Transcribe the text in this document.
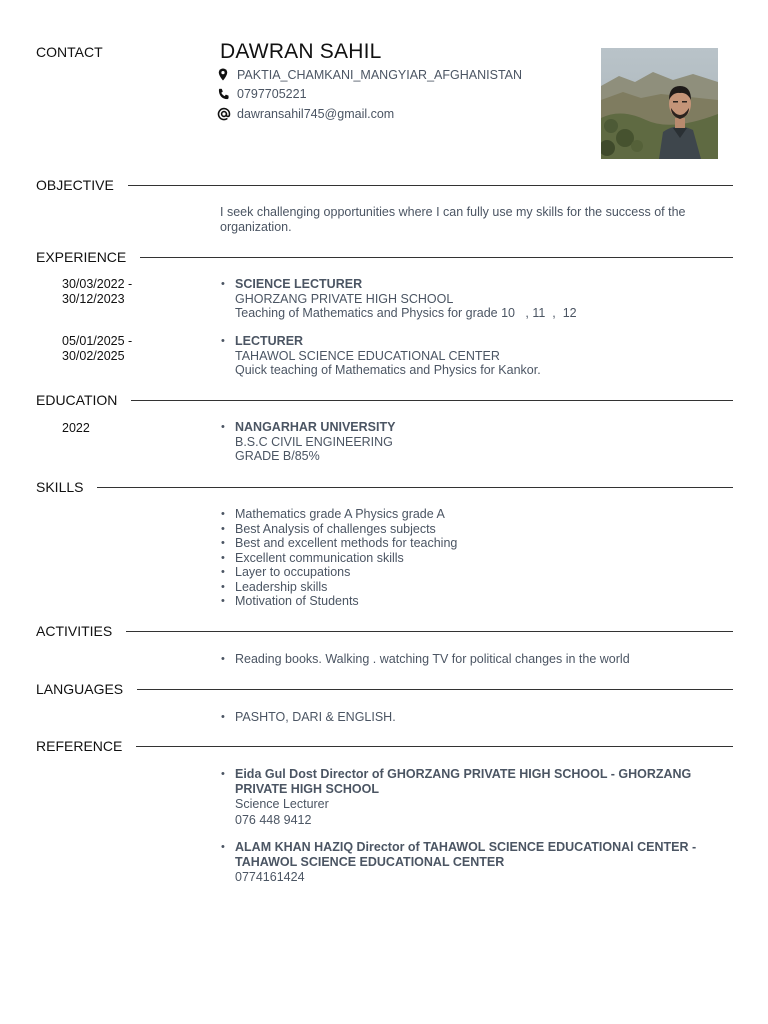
CONTACT	DAWRAN SAHIL
PAKTIA_CHAMKANI_MANGYIAR_AFGHANISTAN
0797705221
dawransahil745@gmail.com
OBJECTIVE
I seek challenging opportunities where I can fully use my skills for the success of the organization.
EXPERIENCE
30/03/2022 -
30/12/2023
• SCIENCE LECTURER
GHORZANG PRIVATE HIGH SCHOOL
Teaching of Mathematics and Physics for grade 10   , 11  ,  12
05/01/2025 -
30/02/2025
• LECTURER
TAHAWOL SCIENCE EDUCATIONAL CENTER
Quick teaching of Mathematics and Physics for Kankor.
EDUCATION
2022
•	NANGARHAR UNIVERSITY
B.S.C CIVIL ENGINEERING
GRADE B/85%
SKILLS
• Mathematics grade A Physics grade A
• Best Analysis of challenges subjects
• Best and excellent methods for teaching
• Excellent communication skills
• Layer to occupations
• Leadership skills
• Motivation of Students
ACTIVITIES
• Reading books. Walking . watching TV for political changes in the world
LANGUAGES
• PASHTO, DARI & ENGLISH.
REFERENCE
• Eida Gul Dost Director of GHORZANG PRIVATE HIGH SCHOOL - GHORZANG PRIVATE HIGH SCHOOL
Science Lecturer
076 448 9412
• ALAM KHAN HAZIQ Director of TAHAWOL SCIENCE EDUCATIONAl CENTER - TAHAWOL SCIENCE EDUCATIONAL CENTER
0774161424
